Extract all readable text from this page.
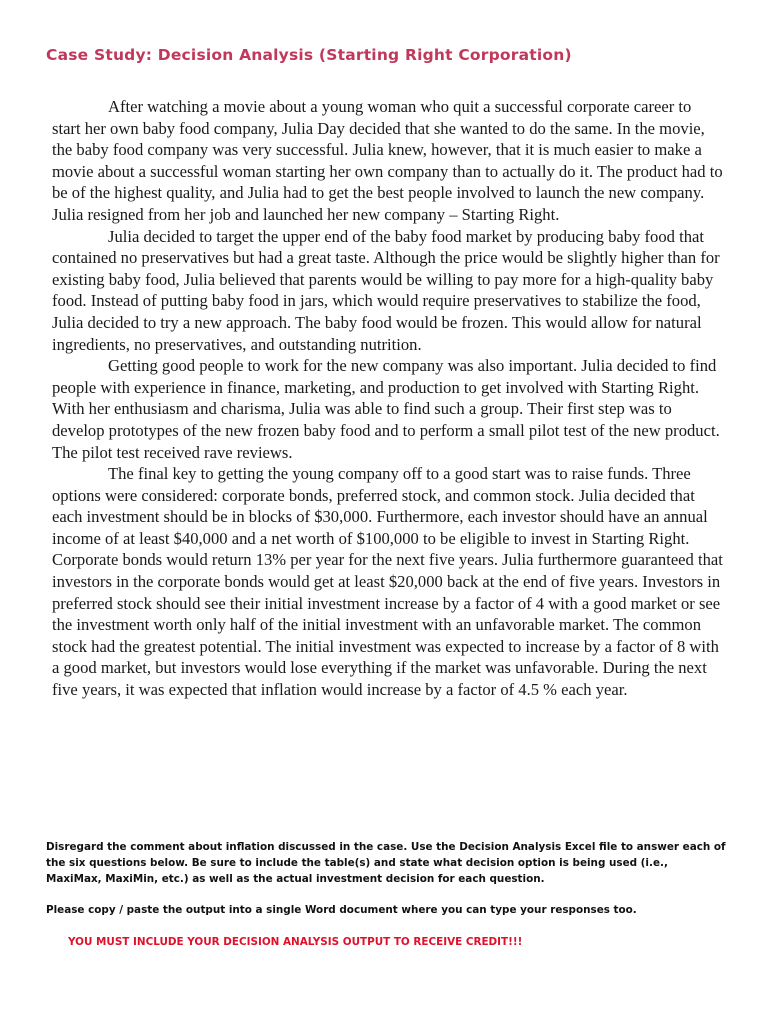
Case Study: Decision Analysis (Starting Right Corporation)

After watching a movie about a young woman who quit a successful corporate career to start her own baby food company, Julia Day decided that she wanted to do the same. In the movie, the baby food company was very successful. Julia knew, however, that it is much easier to make a movie about a successful woman starting her own company than to actually do it. The product had to be of the highest quality, and Julia had to get the best people involved to launch the new company. Julia resigned from her job and launched her new company – Starting Right.

Julia decided to target the upper end of the baby food market by producing baby food that contained no preservatives but had a great taste. Although the price would be slightly higher than for existing baby food, Julia believed that parents would be willing to pay more for a high-quality baby food. Instead of putting baby food in jars, which would require preservatives to stabilize the food, Julia decided to try a new approach. The baby food would be frozen. This would allow for natural ingredients, no preservatives, and outstanding nutrition.

Getting good people to work for the new company was also important. Julia decided to find people with experience in finance, marketing, and production to get involved with Starting Right. With her enthusiasm and charisma, Julia was able to find such a group. Their first step was to develop prototypes of the new frozen baby food and to perform a small pilot test of the new product. The pilot test received rave reviews.

The final key to getting the young company off to a good start was to raise funds. Three options were considered: corporate bonds, preferred stock, and common stock. Julia decided that each investment should be in blocks of $30,000. Furthermore, each investor should have an annual income of at least $40,000 and a net worth of $100,000 to be eligible to invest in Starting Right. Corporate bonds would return 13% per year for the next five years. Julia furthermore guaranteed that investors in the corporate bonds would get at least $20,000 back at the end of five years. Investors in preferred stock should see their initial investment increase by a factor of 4 with a good market or see the investment worth only half of the initial investment with an unfavorable market. The common stock had the greatest potential. The initial investment was expected to increase by a factor of 8 with a good market, but investors would lose everything if the market was unfavorable. During the next five years, it was expected that inflation would increase by a factor of 4.5 % each year.

Disregard the comment about inflation discussed in the case. Use the Decision Analysis Excel file to answer each of the six questions below. Be sure to include the table(s) and state what decision option is being used (i.e., MaxiMax, MaxiMin, etc.) as well as the actual investment decision for each question.

Please copy / paste the output into a single Word document where you can type your responses too.
YOU MUST INCLUDE YOUR DECISION ANALYSIS OUTPUT TO RECEIVE CREDIT!!!
